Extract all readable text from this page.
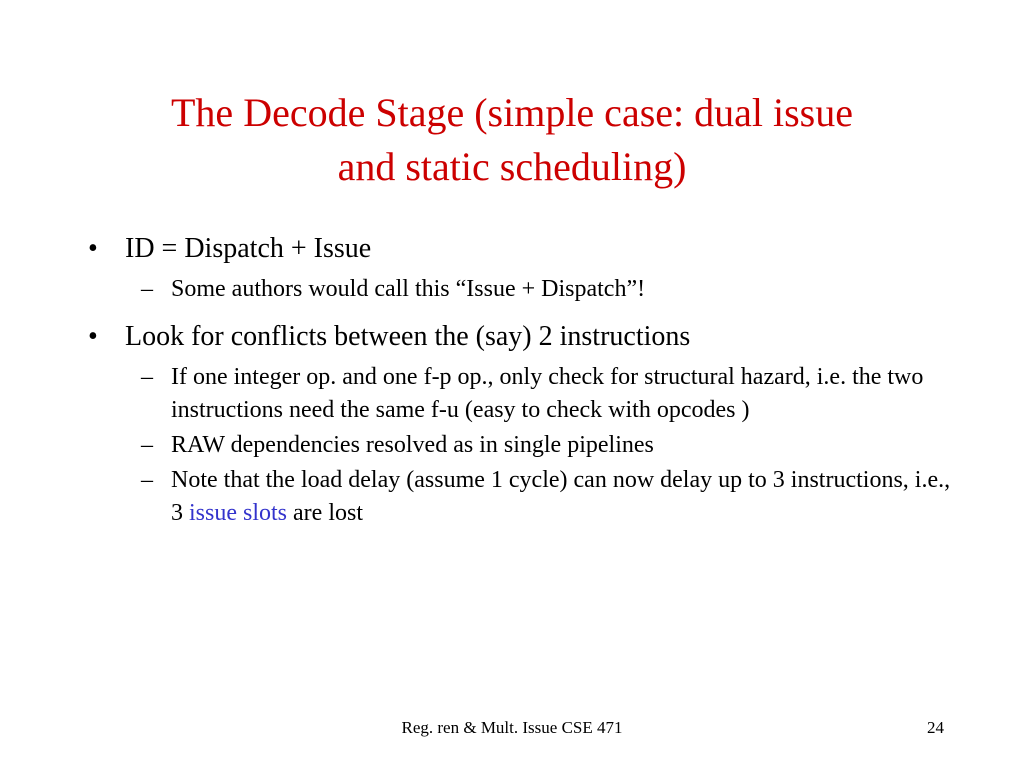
The Decode Stage (simple case: dual issue
and static scheduling)
• ID = Dispatch + Issue
– Some authors would call this “Issue + Dispatch”!
• Look for conflicts between the (say) 2 instructions
– If one integer op. and one f-p op., only check for structural hazard, i.e. the two instructions need the same f-u (easy to check with opcodes )
– RAW dependencies resolved as in single pipelines
– Note that the load delay (assume 1 cycle) can now delay up to 3 instructions, i.e., 3 issue slots are lost
Reg. ren & Mult. Issue CSE 471	24
